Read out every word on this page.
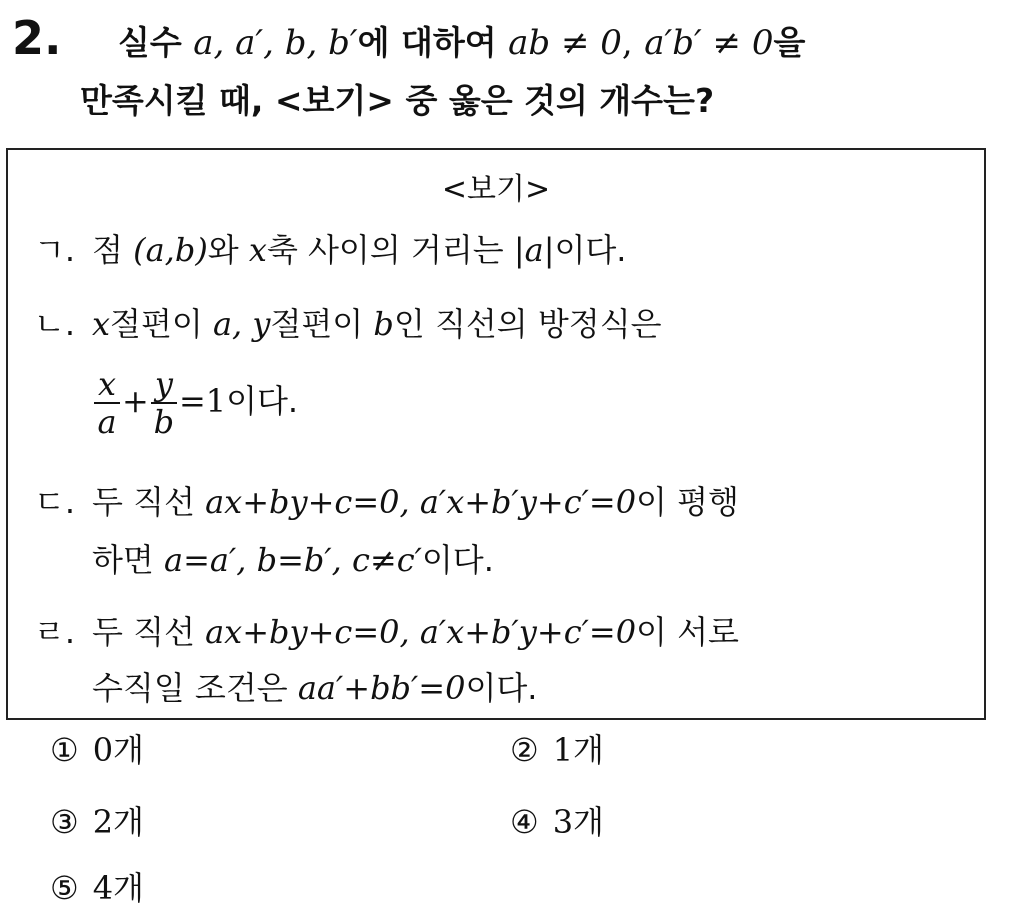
2. 실수 a, a′, b, b′에 대하여 ab ≠ 0, a′b′ ≠ 0을
만족시킬 때, <보기> 중 옳은 것의 개수는?
<보기>
ㄱ. 점 (a,b)와 x축 사이의 거리는 |a|이다.
ㄴ. x절편이 a, y절편이 b인 직선의 방정식은
$\frac{x}{a} + \frac{y}{b} =1$이다.
ㄷ. 두 직선 ax+by+c=0, a′x+b′y+c′=0이 평행
하면 a=a′, b=b′, c≠c′이다.
ㄹ. 두 직선 ax+by+c=0, a′x+b′y+c′=0이 서로
수직일 조건은 aa′+bb′=0이다.
① 0개	② 1개
③ 2개	④ 3개
⑤ 4개
